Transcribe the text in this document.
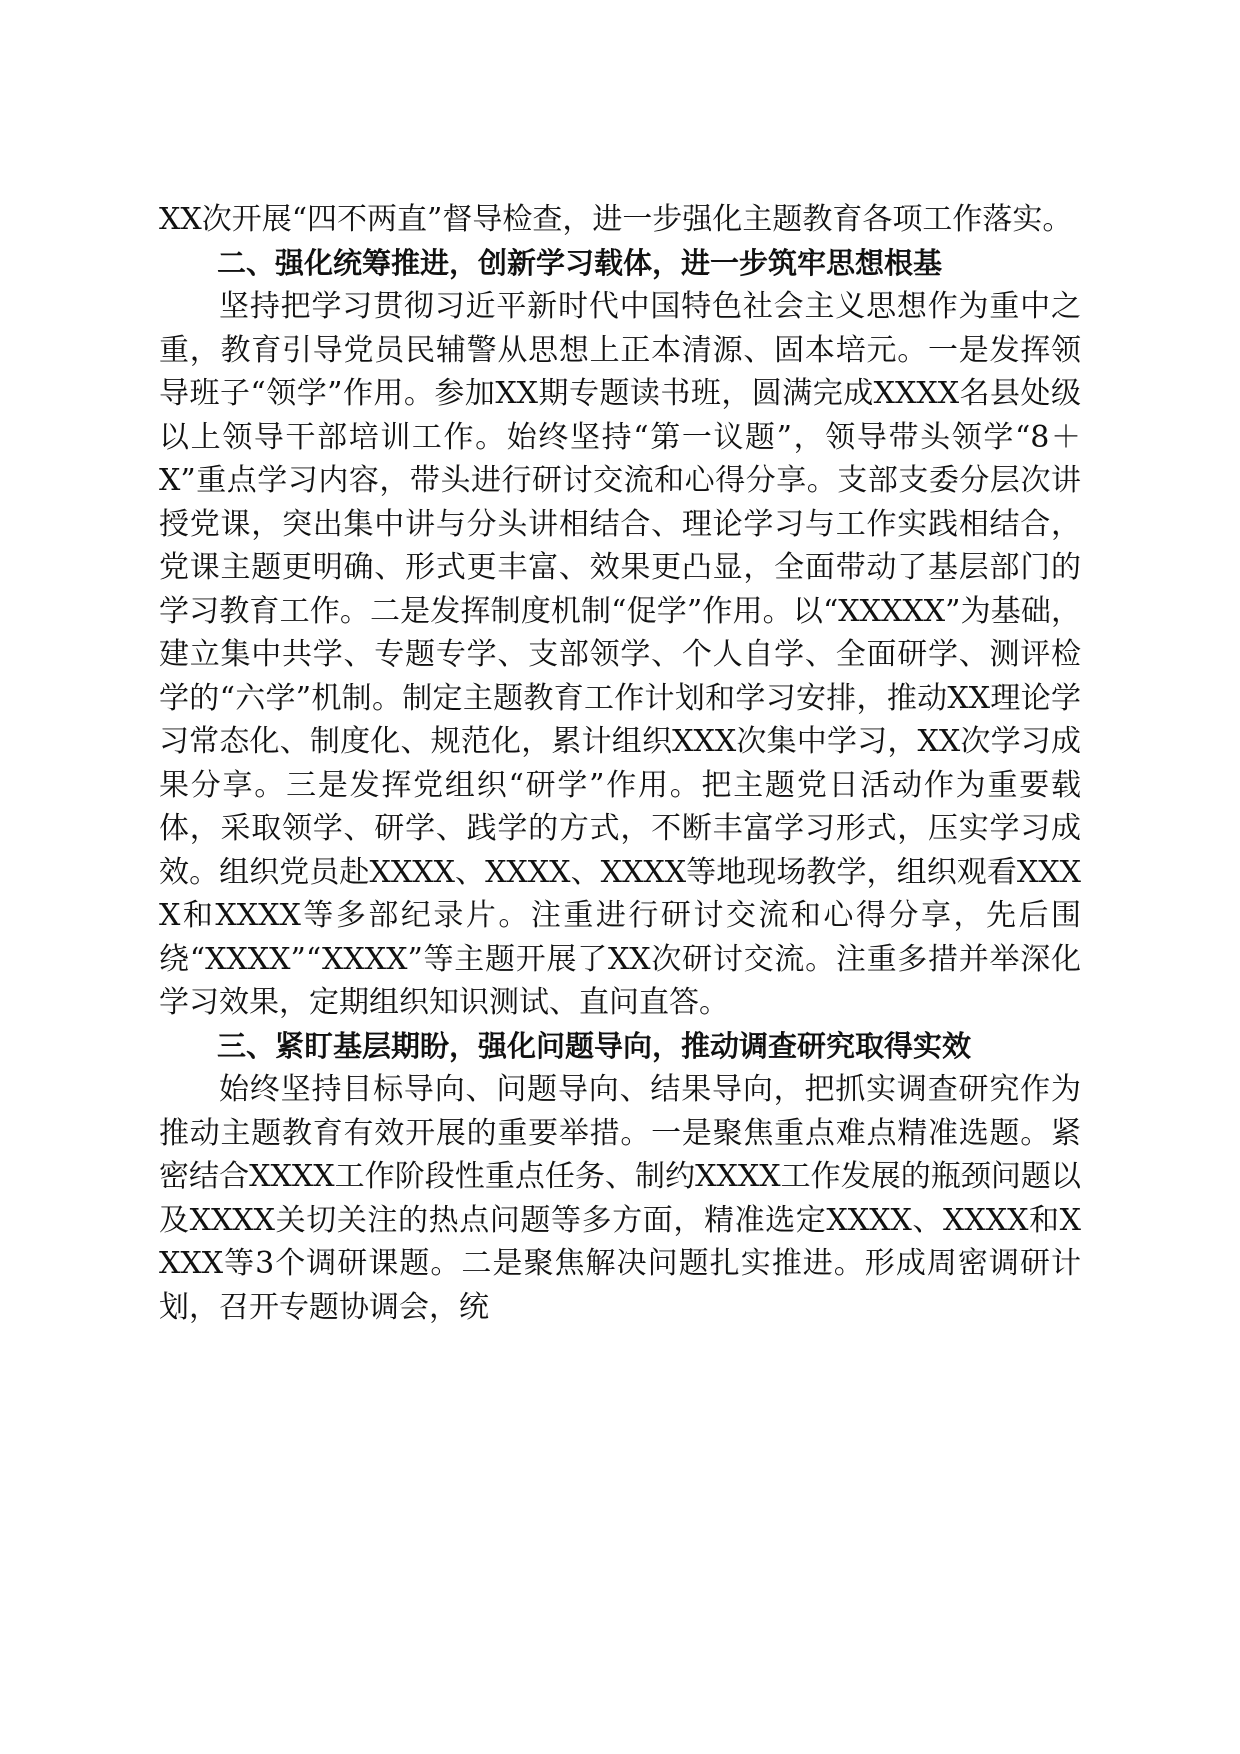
XX次开展“四不两直”督导检查，进一步强化主题教育各项工作落实。

二、强化统筹推进，创新学习载体，进一步筑牢思想根基

坚持把学习贯彻习近平新时代中国特色社会主义思想作为重中之重，教育引导党员民辅警从思想上正本清源、固本培元。一是发挥领导班子“领学”作用。参加XX期专题读书班，圆满完成XXXX名县处级以上领导干部培训工作。始终坚持“第一议题”，领导带头领学“8＋X”重点学习内容，带头进行研讨交流和心得分享。支部支委分层次讲授党课，突出集中讲与分头讲相结合、理论学习与工作实践相结合，党课主题更明确、形式更丰富、效果更凸显，全面带动了基层部门的学习教育工作。二是发挥制度机制“促学”作用。以“XXXXX”为基础，建立集中共学、专题专学、支部领学、个人自学、全面研学、测评检学的“六学”机制。制定主题教育工作计划和学习安排，推动XX理论学习常态化、制度化、规范化，累计组织XXX次集中学习，XX次学习成果分享。三是发挥党组织“研学”作用。把主题党日活动作为重要载体，采取领学、研学、践学的方式，不断丰富学习形式，压实学习成效。组织党员赴XXXX、XXXX、XXXX等地现场教学，组织观看XXXX和XXXX等多部纪录片。注重进行研讨交流和心得分享，先后围绕“XXXX”“XXXX”等主题开展了XX次研讨交流。注重多措并举深化学习效果，定期组织知识测试、直问直答。

三、紧盯基层期盼，强化问题导向，推动调查研究取得实效

始终坚持目标导向、问题导向、结果导向，把抓实调查研究作为推动主题教育有效开展的重要举措。一是聚焦重点难点精准选题。紧密结合XXXX工作阶段性重点任务、制约XXXX工作发展的瓶颈问题以及XXXX关切关注的热点问题等多方面，精准选定XXXX、XXXX和XXXX等3个调研课题。二是聚焦解决问题扎实推进。形成周密调研计划，召开专题协调会，统
